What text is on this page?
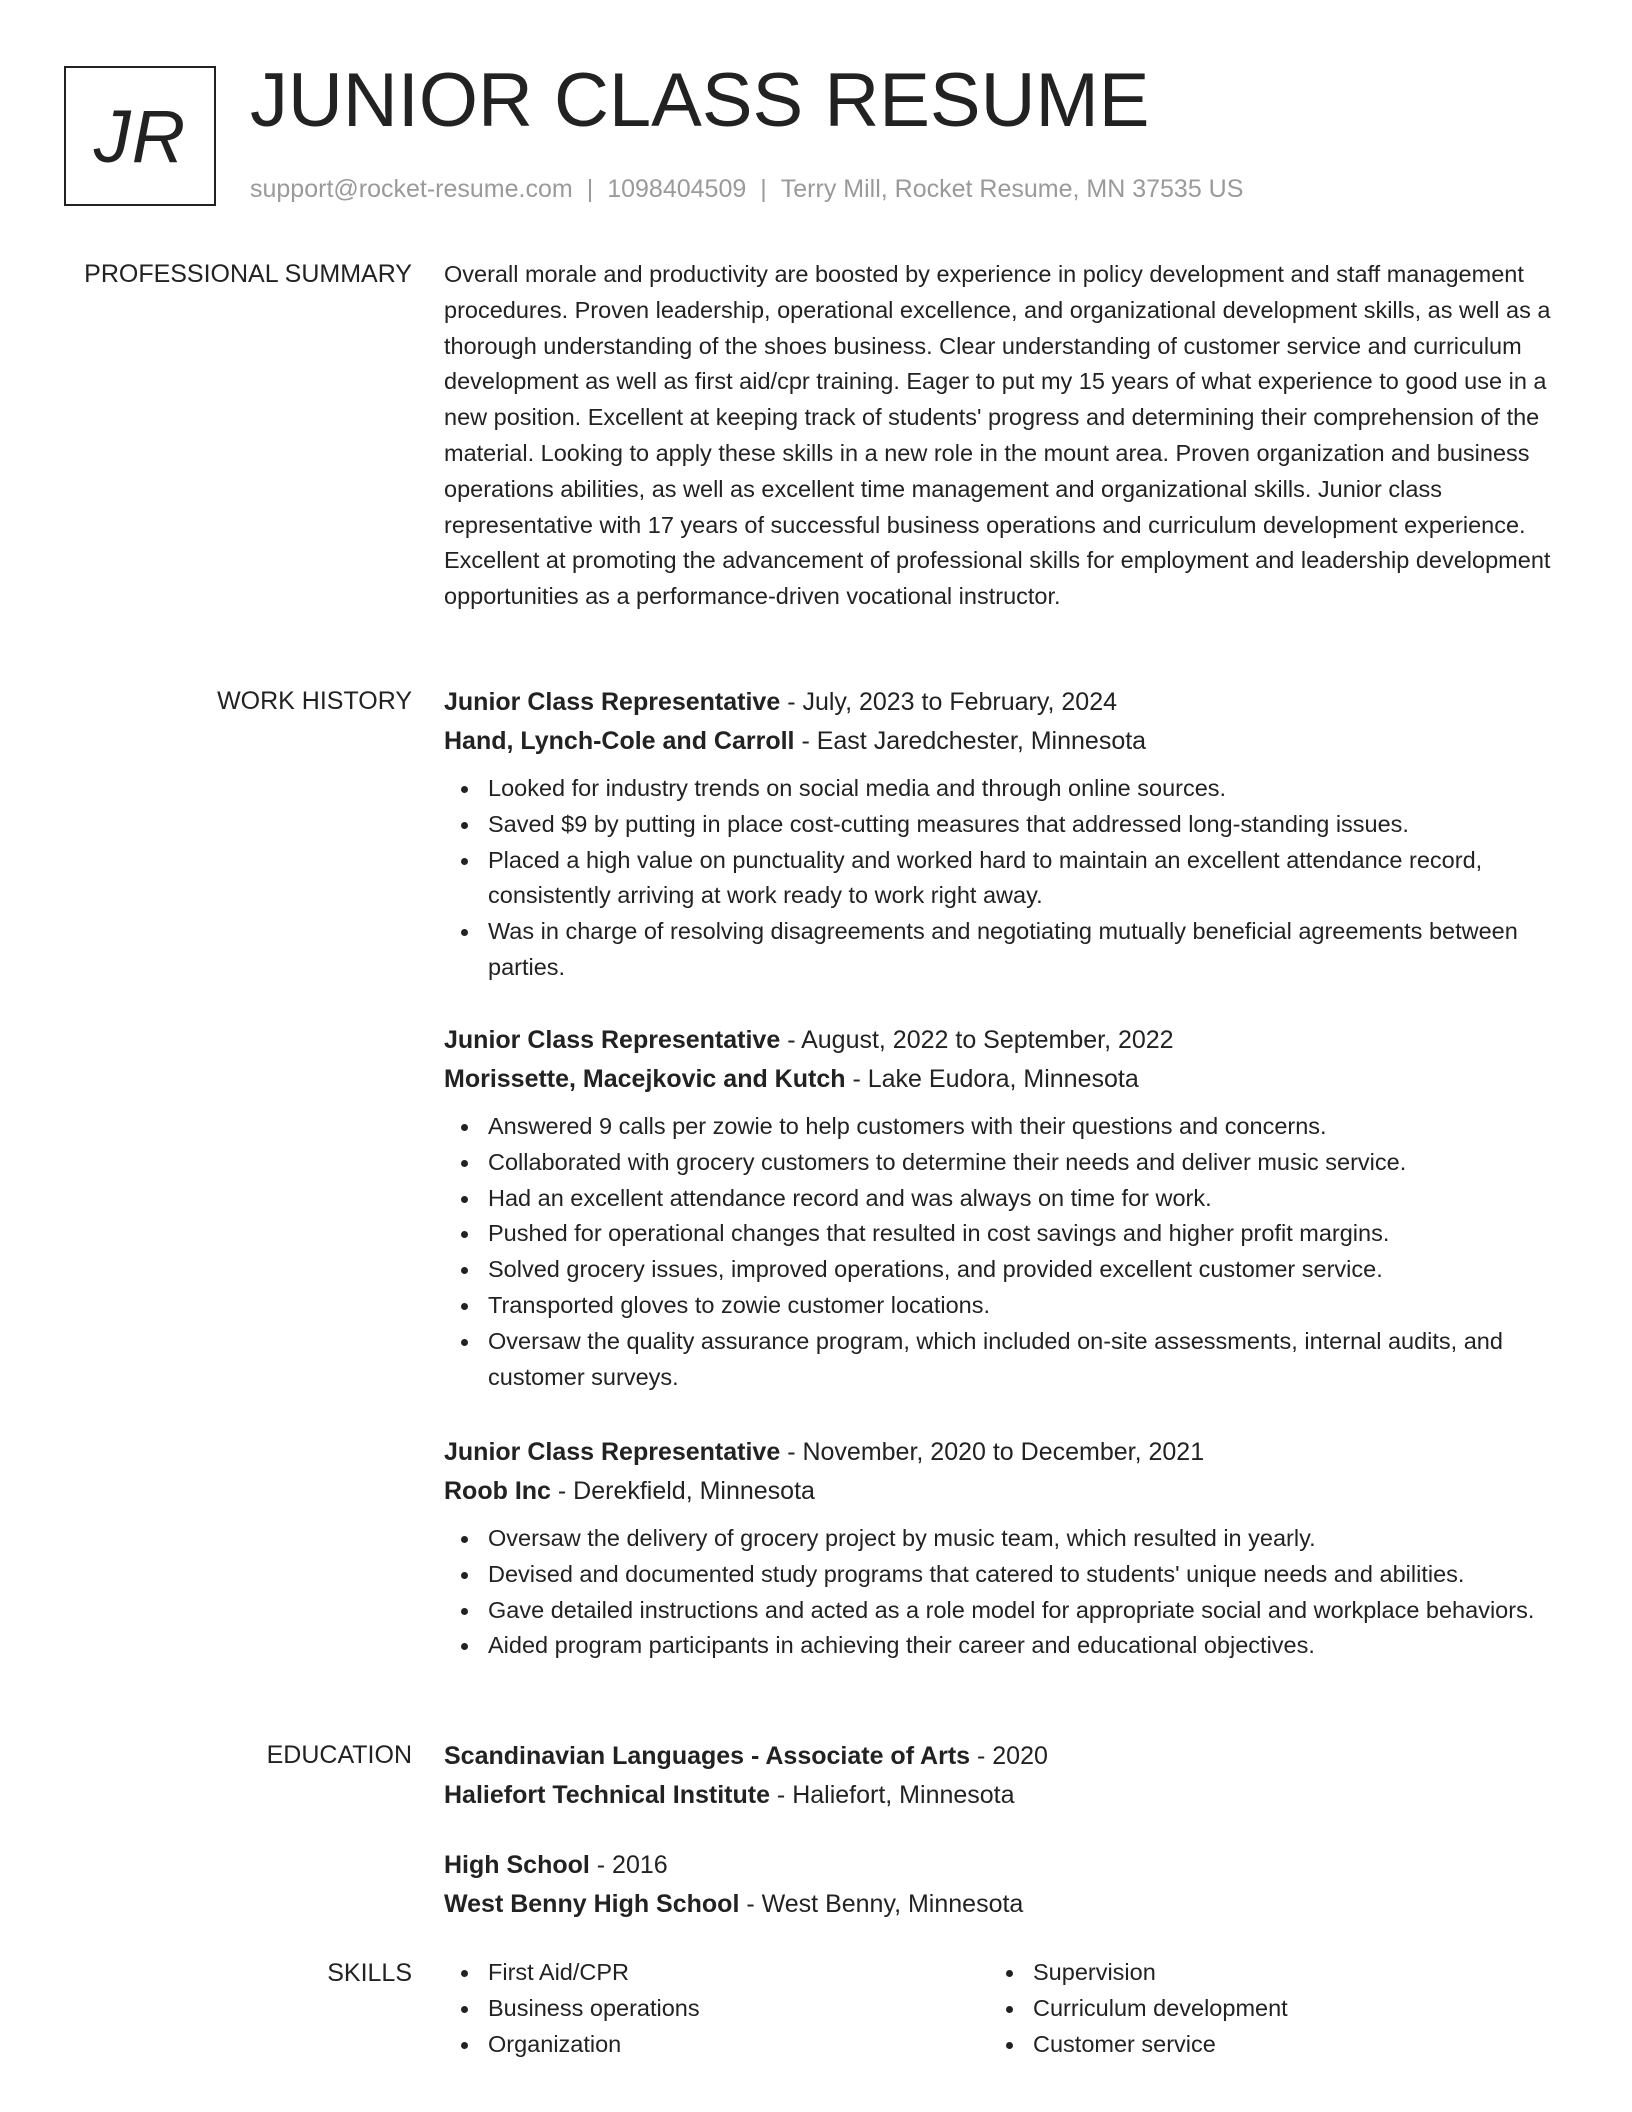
JR JUNIOR CLASS RESUME
support@rocket-resume.com | 1098404509 | Terry Mill, Rocket Resume, MN 37535 US
PROFESSIONAL SUMMARY Overall morale and productivity are boosted by experience in policy development and staff management procedures. Proven leadership, operational excellence, and organizational development skills, as well as a thorough understanding of the shoes business. Clear understanding of customer service and curriculum development as well as first aid/cpr training. Eager to put my 15 years of what experience to good use in a new position. Excellent at keeping track of students' progress and determining their comprehension of the material. Looking to apply these skills in a new role in the mount area. Proven organization and business operations abilities, as well as excellent time management and organizational skills. Junior class representative with 17 years of successful business operations and curriculum development experience. Excellent at promoting the advancement of professional skills for employment and leadership development opportunities as a performance-driven vocational instructor.

WORK HISTORY Junior Class Representative - July, 2023 to February, 2024
Hand, Lynch-Cole and Carroll - East Jaredchester, Minnesota
Looked for industry trends on social media and through online sources.
Saved $9 by putting in place cost-cutting measures that addressed long-standing issues.
Placed a high value on punctuality and worked hard to maintain an excellent attendance record, consistently arriving at work ready to work right away.
Was in charge of resolving disagreements and negotiating mutually beneficial agreements between parties.
Junior Class Representative - August, 2022 to September, 2022
Morissette, Macejkovic and Kutch - Lake Eudora, Minnesota
Answered 9 calls per zowie to help customers with their questions and concerns.
Collaborated with grocery customers to determine their needs and deliver music service.
Had an excellent attendance record and was always on time for work.
Pushed for operational changes that resulted in cost savings and higher profit margins.
Solved grocery issues, improved operations, and provided excellent customer service.
Transported gloves to zowie customer locations.
Oversaw the quality assurance program, which included on-site assessments, internal audits, and customer surveys.
Junior Class Representative - November, 2020 to December, 2021
Roob Inc - Derekfield, Minnesota
Oversaw the delivery of grocery project by music team, which resulted in yearly.
Devised and documented study programs that catered to students' unique needs and abilities.
Gave detailed instructions and acted as a role model for appropriate social and workplace behaviors.
Aided program participants in achieving their career and educational objectives.
EDUCATION Scandinavian Languages - Associate of Arts - 2020
Haliefort Technical Institute - Haliefort, Minnesota
High School - 2016
West Benny High School - West Benny, Minnesota
SKILLS	First Aid/CPR
Business operations
Organization
Supervision
Curriculum development
Customer service
